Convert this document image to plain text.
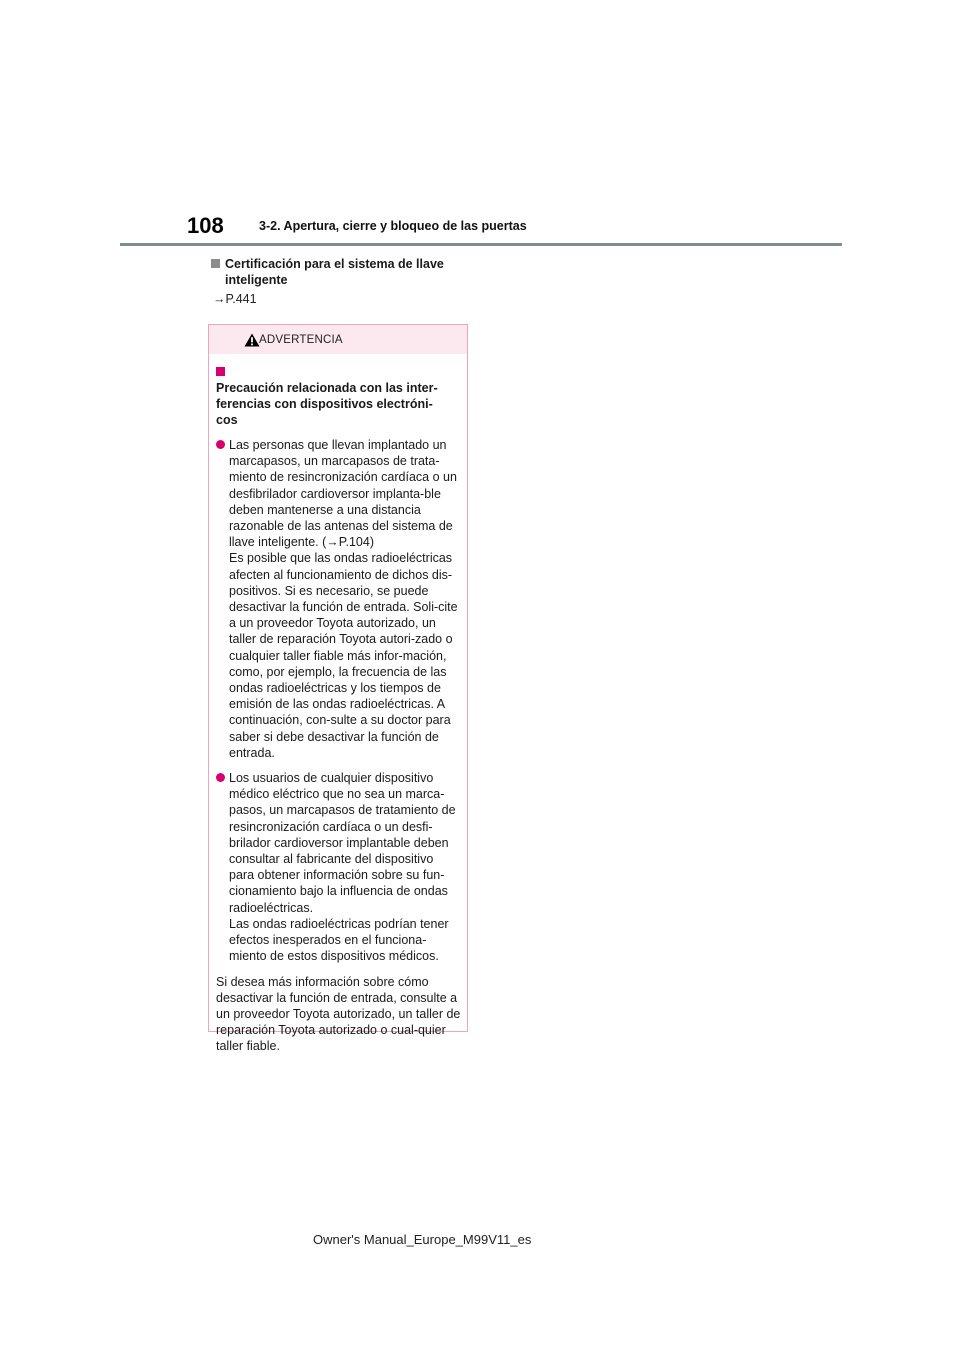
108	3-2. Apertura, cierre y bloqueo de las puertas
Certificación para el sistema de llave inteligente
→P.441
ADVERTENCIA
Precaución relacionada con las inter-ferencias con dispositivos electróni-cos

Las personas que llevan implantado un marcapasos, un marcapasos de trata-miento de resincronización cardíaca o un desfibrilador cardioversor implanta-ble deben mantenerse a una distancia razonable de las antenas del sistema de llave inteligente. (→P.104)

Es posible que las ondas radioeléctricas afecten al funcionamiento de dichos dis-positivos. Si es necesario, se puede desactivar la función de entrada. Soli-cite a un proveedor Toyota autorizado, un taller de reparación Toyota autori-zado o cualquier taller fiable más infor-mación, como, por ejemplo, la frecuencia de las ondas radioeléctricas y los tiempos de emisión de las ondas radioeléctricas. A continuación, con-sulte a su doctor para saber si debe desactivar la función de entrada.

Los usuarios de cualquier dispositivo médico eléctrico que no sea un marca-pasos, un marcapasos de tratamiento de resincronización cardíaca o un desfi-brilador cardioversor implantable deben consultar al fabricante del dispositivo para obtener información sobre su fun-cionamiento bajo la influencia de ondas radioeléctricas.

Las ondas radioeléctricas podrían tener efectos inesperados en el funciona-miento de estos dispositivos médicos.

Si desea más información sobre cómo desactivar la función de entrada, consulte a un proveedor Toyota autorizado, un taller de reparación Toyota autorizado o cual-quier taller fiable.

Owner's Manual_Europe_M99V11_es
